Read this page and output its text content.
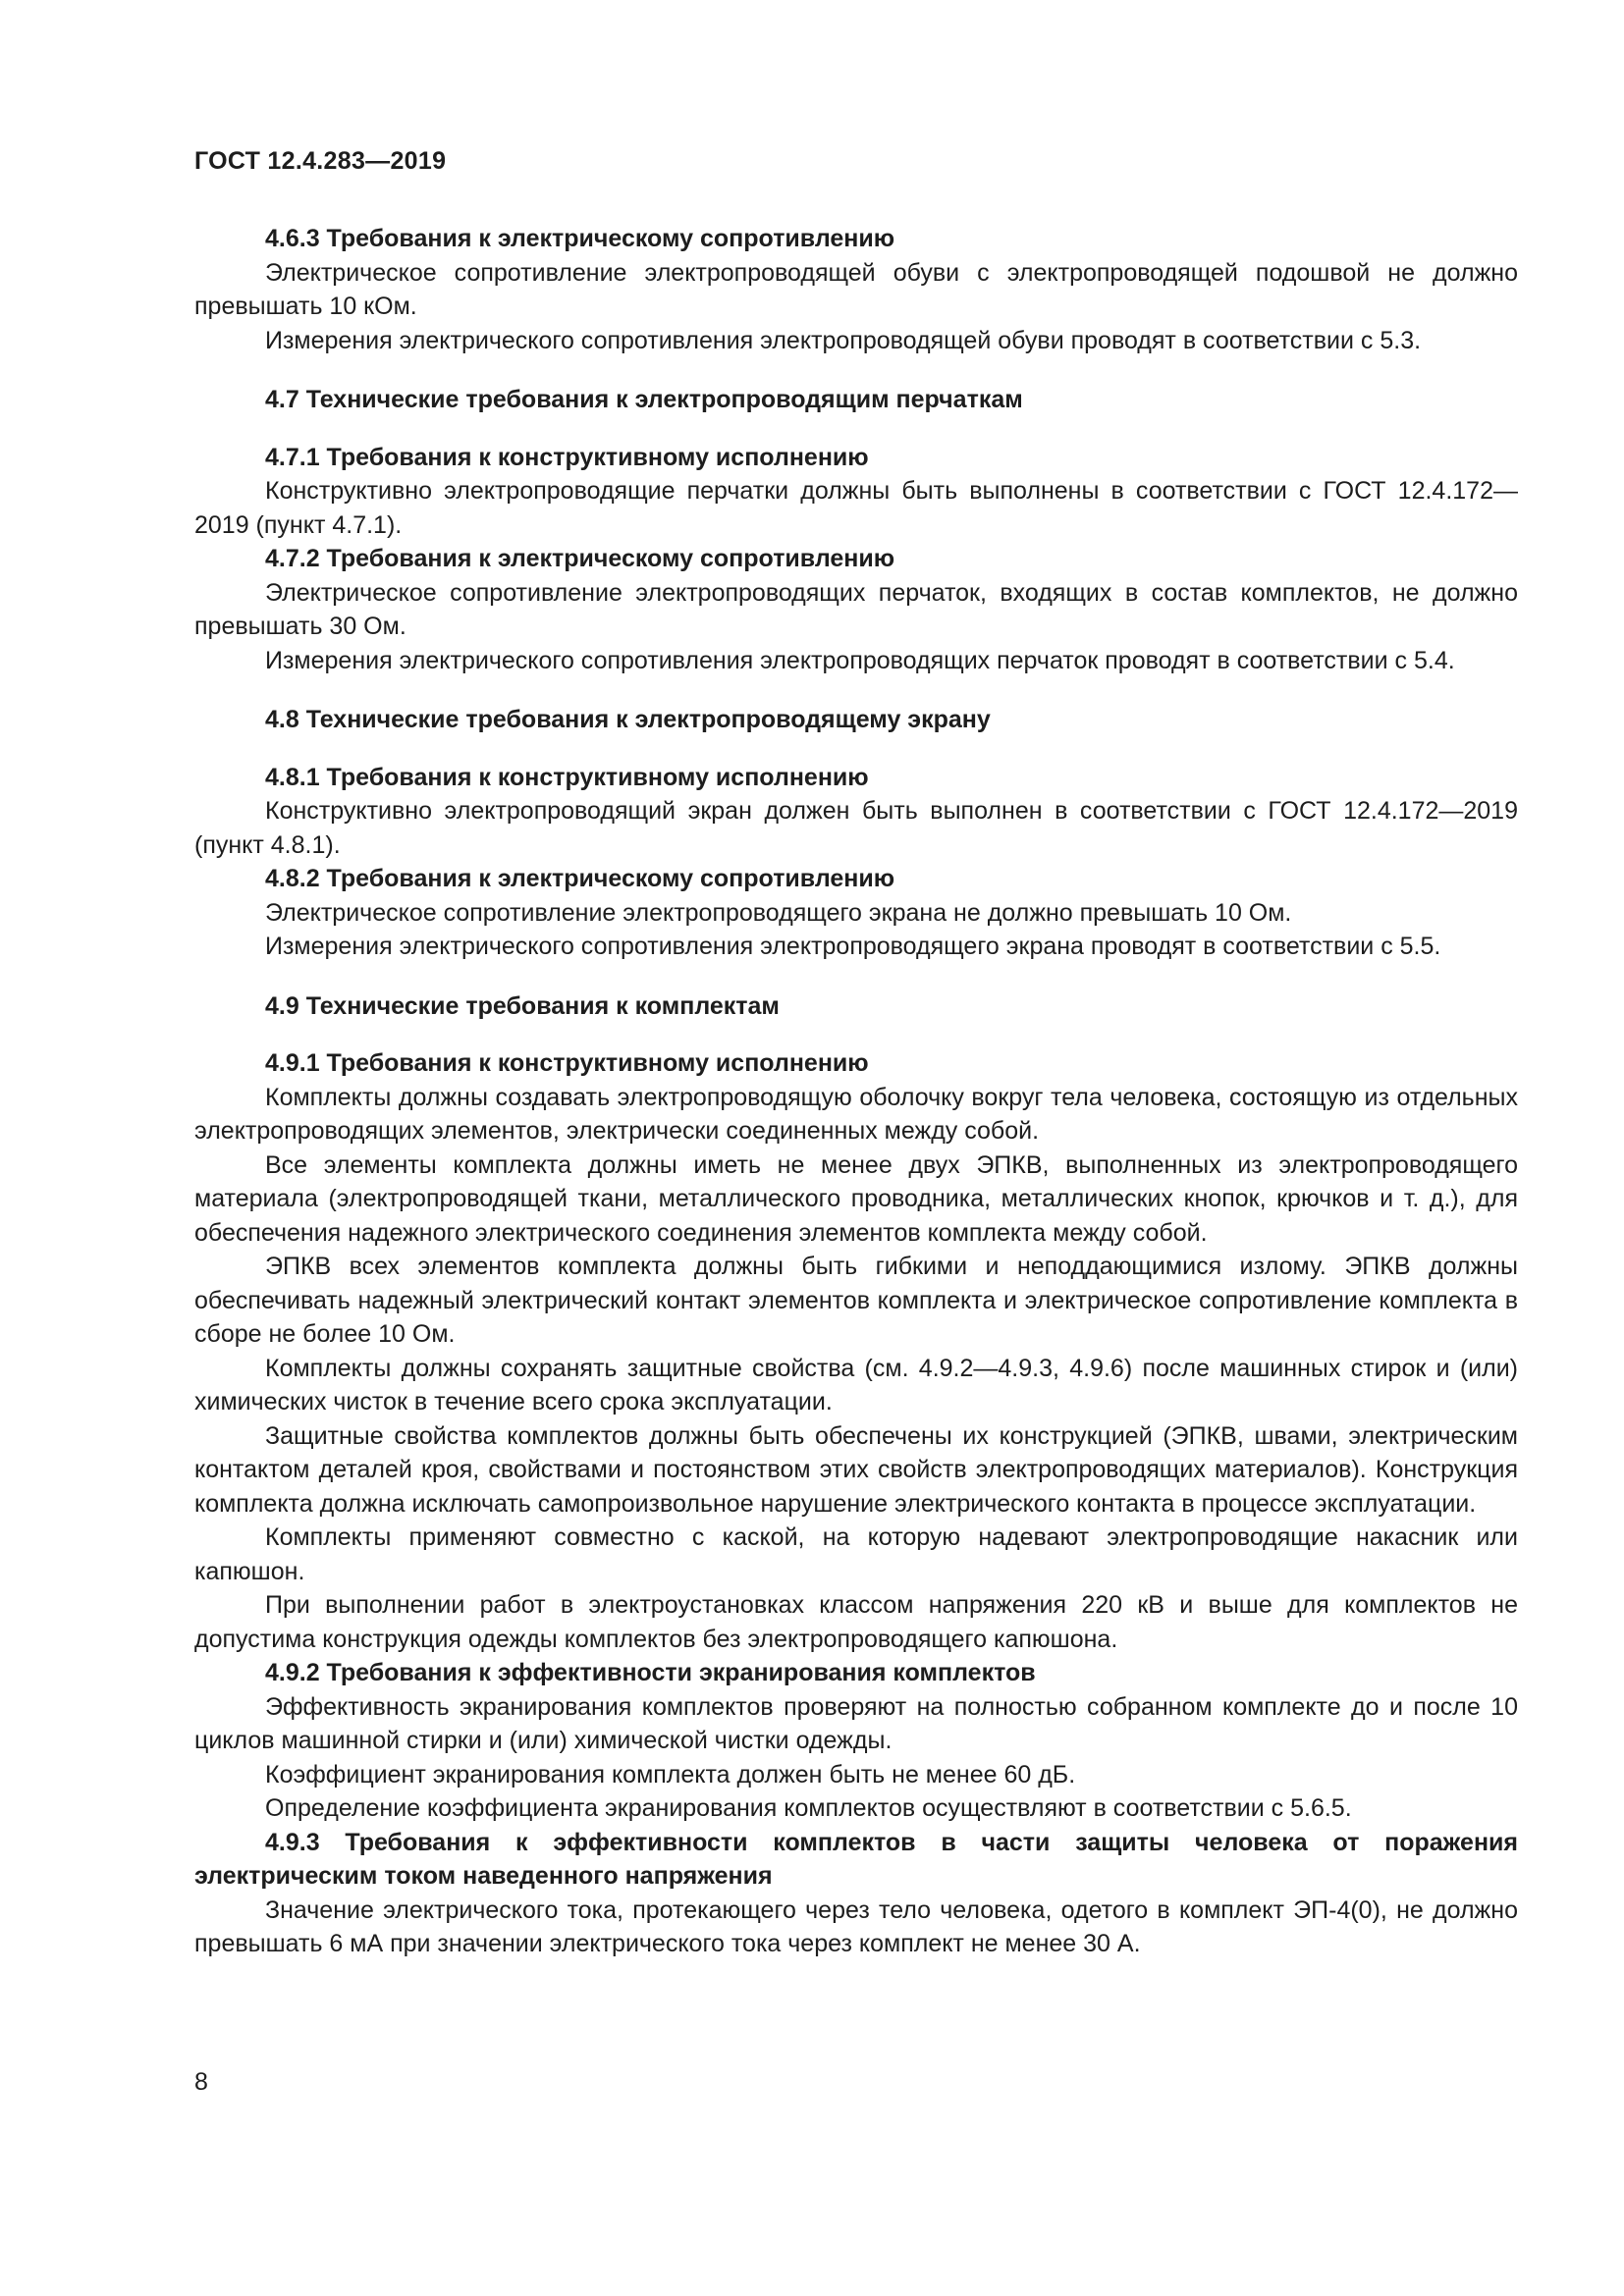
ГОСТ 12.4.283—2019

4.6.3 Требования к электрическому сопротивлению

Электрическое сопротивление электропроводящей обуви с электропроводящей подошвой не должно превышать 10 кОм.

Измерения электрического сопротивления электропроводящей обуви проводят в соответствии с 5.3.

4.7 Технические требования к электропроводящим перчаткам

4.7.1 Требования к конструктивному исполнению

Конструктивно электропроводящие перчатки должны быть выполнены в соответствии с ГОСТ 12.4.172—2019 (пункт 4.7.1).

4.7.2 Требования к электрическому сопротивлению

Электрическое сопротивление электропроводящих перчаток, входящих в состав комплектов, не должно превышать 30 Ом.

Измерения электрического сопротивления электропроводящих перчаток проводят в соответствии с 5.4.

4.8 Технические требования к электропроводящему экрану

4.8.1 Требования к конструктивному исполнению

Конструктивно электропроводящий экран должен быть выполнен в соответствии с ГОСТ 12.4.172—2019 (пункт 4.8.1).

4.8.2 Требования к электрическому сопротивлению

Электрическое сопротивление электропроводящего экрана не должно превышать 10 Ом.

Измерения электрического сопротивления электропроводящего экрана проводят в соответствии с 5.5.

4.9 Технические требования к комплектам

4.9.1 Требования к конструктивному исполнению

Комплекты должны создавать электропроводящую оболочку вокруг тела человека, состоящую из отдельных электропроводящих элементов, электрически соединенных между собой.

Все элементы комплекта должны иметь не менее двух ЭПКВ, выполненных из электропроводящего материала (электропроводящей ткани, металлического проводника, металлических кнопок, крючков и т. д.), для обеспечения надежного электрического соединения элементов комплекта между собой.

ЭПКВ всех элементов комплекта должны быть гибкими и неподдающимися излому. ЭПКВ должны обеспечивать надежный электрический контакт элементов комплекта и электрическое сопротивление комплекта в сборе не более 10 Ом.

Комплекты должны сохранять защитные свойства (см. 4.9.2—4.9.3, 4.9.6) после машинных стирок и (или) химических чисток в течение всего срока эксплуатации.

Защитные свойства комплектов должны быть обеспечены их конструкцией (ЭПКВ, швами, электрическим контактом деталей кроя, свойствами и постоянством этих свойств электропроводящих материалов). Конструкция комплекта должна исключать самопроизвольное нарушение электрического контакта в процессе эксплуатации.

Комплекты применяют совместно с каской, на которую надевают электропроводящие накасник или капюшон.

При выполнении работ в электроустановках классом напряжения 220 кВ и выше для комплектов не допустима конструкция одежды комплектов без электропроводящего капюшона.

4.9.2 Требования к эффективности экранирования комплектов

Эффективность экранирования комплектов проверяют на полностью собранном комплекте до и после 10 циклов машинной стирки и (или) химической чистки одежды.

Коэффициент экранирования комплекта должен быть не менее 60 дБ.

Определение коэффициента экранирования комплектов осуществляют в соответствии с 5.6.5.

4.9.3 Требования к эффективности комплектов в части защиты человека от поражения электрическим током наведенного напряжения

Значение электрического тока, протекающего через тело человека, одетого в комплект ЭП-4(0), не должно превышать 6 мА при значении электрического тока через комплект не менее 30 А.

8
